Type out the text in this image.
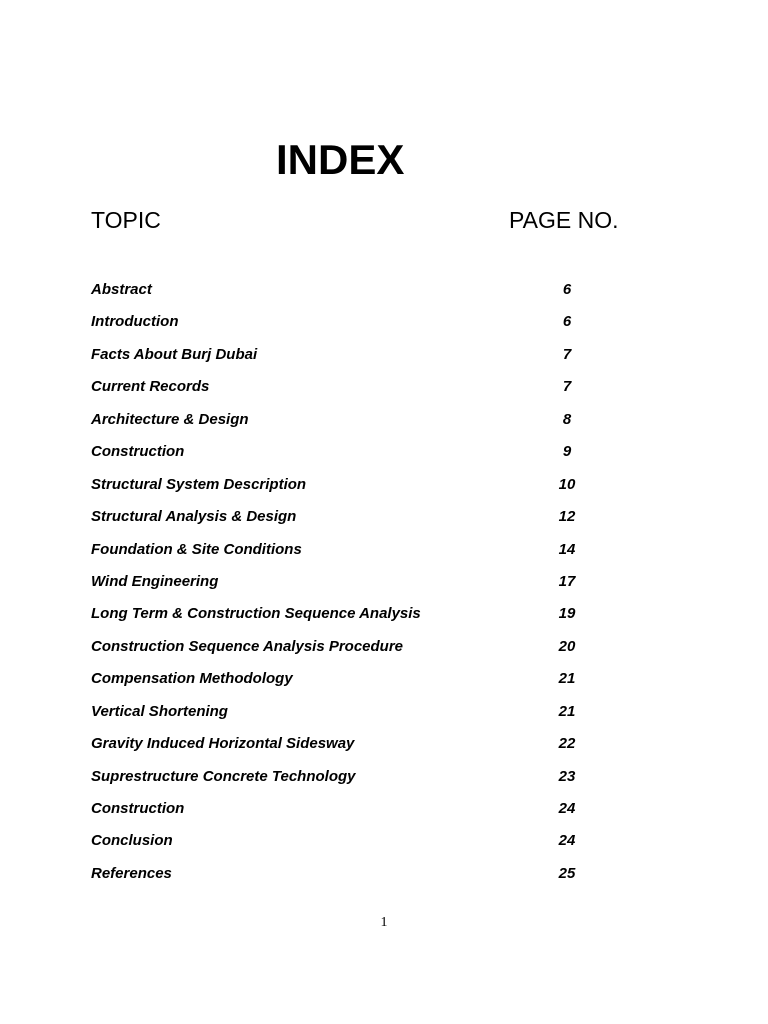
INDEX
TOPIC	PAGE NO.
Abstract	6
Introduction	6
Facts About Burj Dubai	7
Current Records	7
Architecture & Design	8
Construction	9
Structural System Description	10
Structural Analysis & Design	12
Foundation & Site Conditions	14
Wind Engineering	17
Long Term & Construction Sequence Analysis	19
Construction Sequence Analysis Procedure	20
Compensation Methodology	21
Vertical Shortening	21
Gravity Induced Horizontal Sidesway	22
Suprestructure Concrete Technology	23
Construction	24
Conclusion	24
References	25
1
